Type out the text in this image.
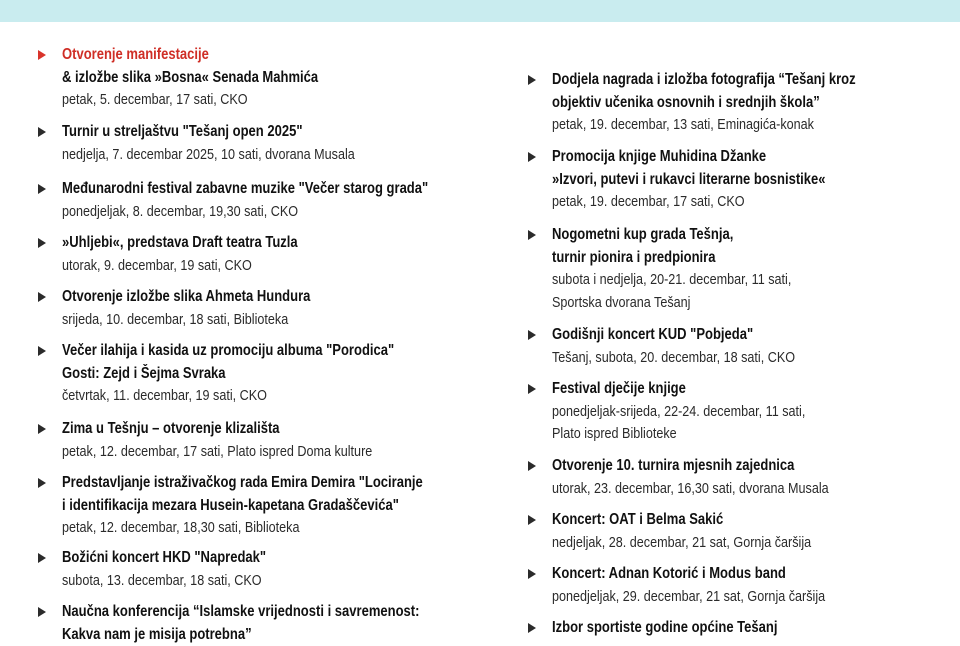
Otvorenje manifestacije
& izložbe slika »Bosna« Senada Mahmića
petak, 5. decembar, 17 sati, CKO
Turnir u streljaštvu "Tešanj open 2025"
nedjelja, 7. decembar 2025, 10 sati, dvorana Musala
Međunarodni festival zabavne muzike "Večer starog grada"
ponedjeljak, 8. decembar, 19,30 sati, CKO
»Uhljebi«, predstava Draft teatra Tuzla
utorak, 9. decembar, 19 sati, CKO
Otvorenje izložbe slika Ahmeta Hundura
srijeda, 10. decembar, 18 sati, Biblioteka
Večer ilahija i kasida uz promociju albuma "Porodica"
Gosti: Zejd i Šejma Svraka
četvrtak, 11. decembar, 19 sati, CKO
Zima u Tešnju – otvorenje klizališta
petak, 12. decembar, 17 sati, Plato ispred Doma kulture
Predstavljanje istraživačkog rada Emira Demira "Lociranje
i identifikacija mezara Husein-kapetana Gradaščevića"
petak, 12. decembar, 18,30 sati, Biblioteka
Božićni koncert HKD "Napredak"
subota, 13. decembar, 18 sati, CKO
Naučna konferencija “Islamske vrijednosti i savremenost:
Kakva nam je misija potrebna”
Dodjela nagrada i izložba fotografija “Tešanj kroz
objektiv učenika osnovnih i srednjih škola”
petak, 19. decembar, 13 sati, Eminagića-konak
Promocija knjige Muhidina Džanke
»Izvori, putevi i rukavci literarne bosnistike«
petak, 19. decembar, 17 sati, CKO
Nogometni kup grada Tešnja,
turnir pionira i predpionira
subota i nedjelja, 20-21. decembar, 11 sati,
Sportska dvorana Tešanj
Godišnji koncert KUD "Pobjeda"
Tešanj, subota, 20. decembar, 18 sati, CKO
Festival dječije knjige
ponedjeljak-srijeda, 22-24. decembar, 11 sati,
Plato ispred Biblioteke
Otvorenje 10. turnira mjesnih zajednica
utorak, 23. decembar, 16,30 sati, dvorana Musala
Koncert: OAT i Belma Sakić
nedjeljak, 28. decembar, 21 sat, Gornja čaršija
Koncert: Adnan Kotorić i Modus band
ponedjeljak, 29. decembar, 21 sat, Gornja čaršija
Izbor sportiste godine općine Tešanj
